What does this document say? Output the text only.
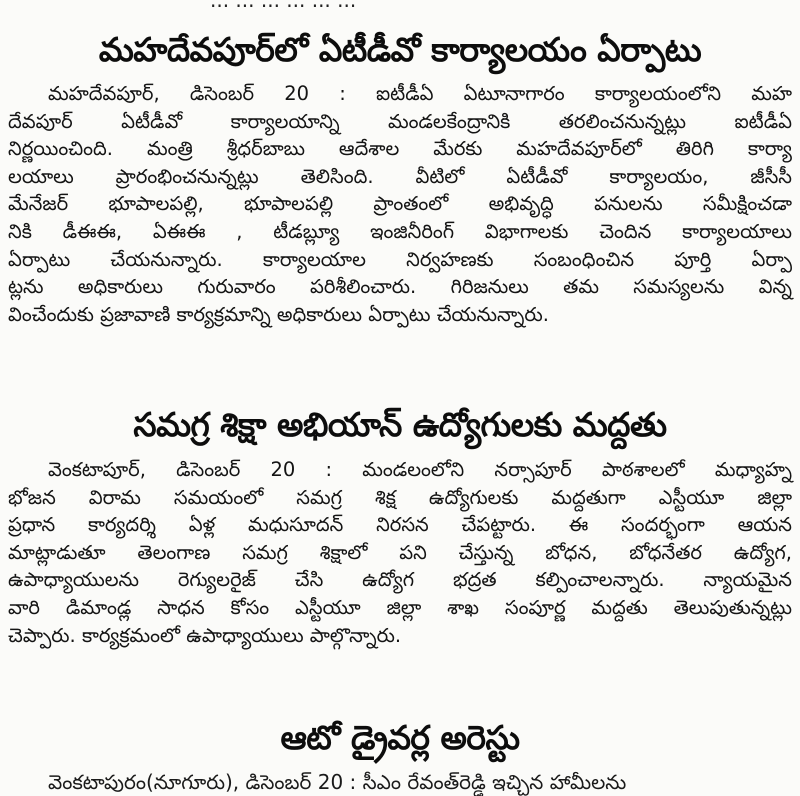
... ... ... ... ... ...
మహదేవపూర్‌లో ఏటీడీవో కార్యాలయం ఏర్పాటు
మహదేవపూర్, డిసెంబర్ 20 : ఐటీడీఏ ఏటూనాగారం కార్యాలయంలోని మహ
దేవపూర్ ఏటీడీవో కార్యాలయాన్ని మండలకేంద్రానికి తరలించనున్నట్లు ఐటీడీఏ
నిర్ణయించింది. మంత్రి శ్రీధర్‌బాబు ఆదేశాల మేరకు మహదేవపూర్‌లో తిరిగి కార్యా
లయాలు ప్రారంభించనున్నట్లు తెలిసింది. వీటిలో ఏటీడీవో కార్యాలయం, జీసీసీ
మేనేజర్ భూపాలపల్లి, భూపాలపల్లి ప్రాంతంలో అభివృద్ధి పనులను సమీక్షించడా
నికి డీఈఈ, ఏఈఈ , టీడబ్ల్యూ ఇంజినీరింగ్ విభాగాలకు చెందిన కార్యాలయాలు
ఏర్పాటు చేయనున్నారు. కార్యాలయాల నిర్వహణకు సంబంధించిన పూర్తి ఏర్పా
ట్లను అధికారులు గురువారం పరిశీలించారు. గిరిజనులు తమ సమస్యలను విన్న
వించేందుకు ప్రజావాణి కార్యక్రమాన్ని అధికారులు ఏర్పాటు చేయనున్నారు.
సమగ్ర శిక్షా అభియాన్ ఉద్యోగులకు మద్దతు
వెంకటాపూర్, డిసెంబర్ 20 : మండలంలోని నర్సాపూర్ పాఠశాలలో మధ్యాహ్న
భోజన విరామ సమయంలో సమగ్ర శిక్ష ఉద్యోగులకు మద్దతుగా ఎస్టీయూ జిల్లా
ప్రధాన కార్యదర్శి ఏళ్ల మధుసూదన్ నిరసన చేపట్టారు. ఈ సందర్భంగా ఆయన
మాట్లాడుతూ తెలంగాణ సమగ్ర శిక్షాలో పని చేస్తున్న బోధన, బోధనేతర ఉద్యోగ,
ఉపాధ్యాయులను రెగ్యులరైజ్ చేసి ఉద్యోగ భద్రత కల్పించాలన్నారు. న్యాయమైన
వారి డిమాండ్ల సాధన కోసం ఎస్టీయూ జిల్లా శాఖ సంపూర్ణ మద్దతు తెలుపుతున్నట్లు
చెప్పారు. కార్యక్రమంలో ఉపాధ్యాయులు పాల్గొన్నారు.
ఆటో డ్రైవర్ల అరెస్టు
వెంకటాపురం(నూగూరు), డిసెంబర్ 20 : సీఎం రేవంత్‌రెడ్డి ఇచ్చిన హామీలను
